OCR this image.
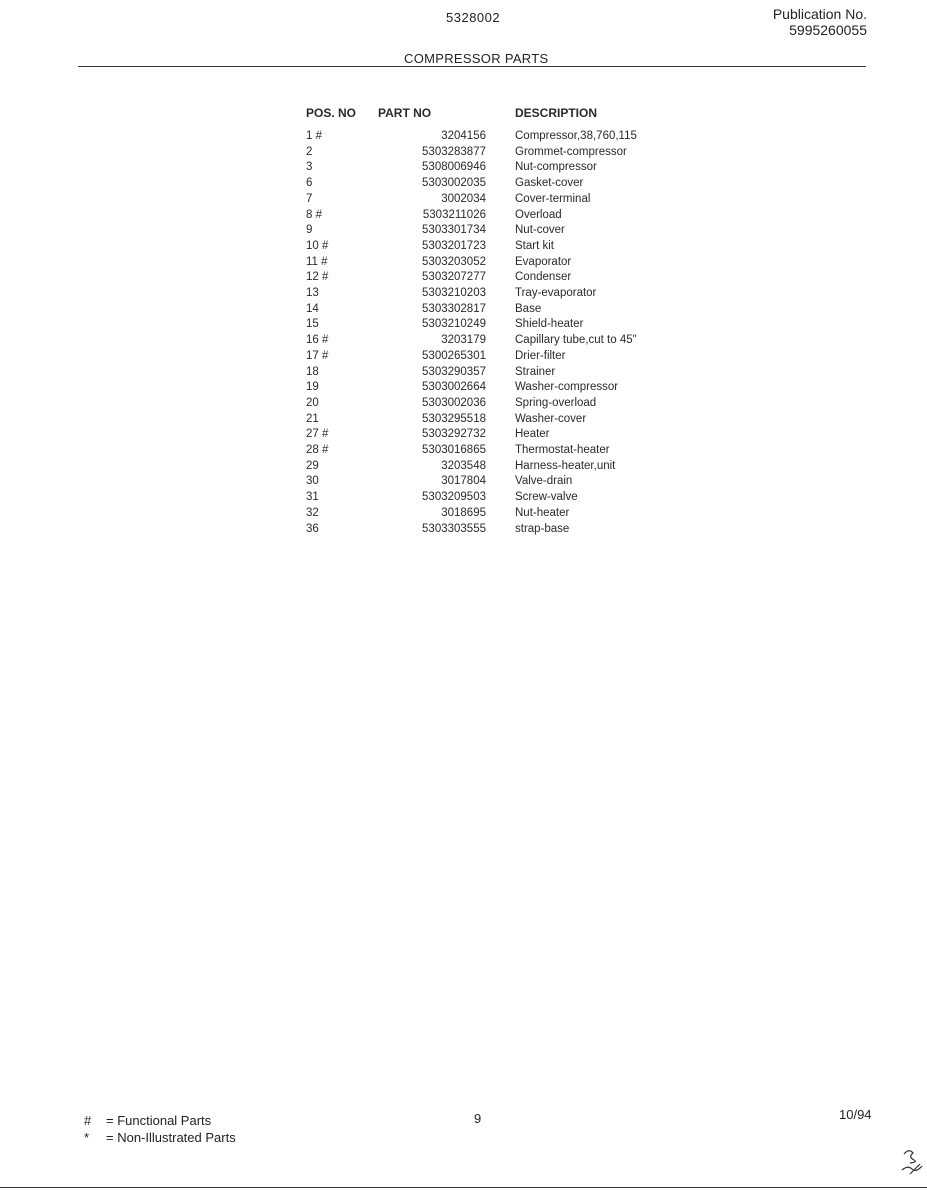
5328002	Publication No.
5995260055
COMPRESSOR PARTS
POS. NO	PART NO	DESCRIPTION
1 #	3204156	Compressor,38,760,115
2	5303283877	Grommet-compressor
3	5308006946	Nut-compressor
6	5303002035	Gasket-cover
7	3002034	Cover-terminal
8 #	5303211026	Overload
9	5303301734	Nut-cover
10 #	5303201723	Start kit
11 #	5303203052	Evaporator
12 #	5303207277	Condenser
13	5303210203	Tray-evaporator
14	5303302817	Base
15	5303210249	Shield-heater
16 #	3203179	Capillary tube,cut to 45"
17 #	5300265301	Drier-filter
18	5303290357	Strainer
19	5303002664	Washer-compressor
20	5303002036	Spring-overload
21	5303295518	Washer-cover
27 #	5303292732	Heater
28 #	5303016865	Thermostat-heater
29	3203548	Harness-heater,unit
30	3017804	Valve-drain
31	5303209503	Screw-valve
32	3018695	Nut-heater
36	5303303555	strap-base
# = Functional Parts
* = Non-Illustrated Parts
9	10/94
